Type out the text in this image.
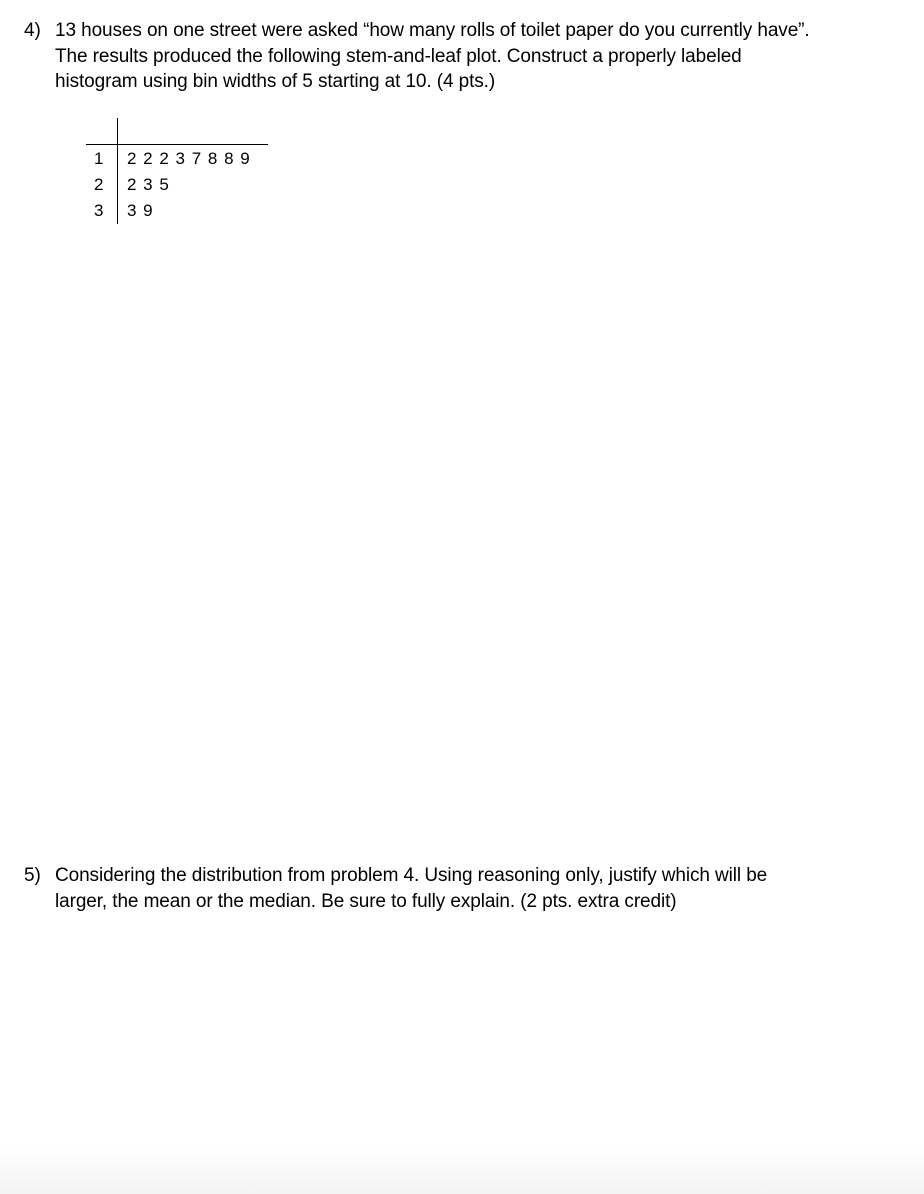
4) 13 houses on one street were asked “how many rolls of toilet paper do you currently have”.
The results produced the following stem-and-leaf plot. Construct a properly labeled
histogram using bin widths of 5 starting at 10. (4 pts.)
1	2 2 2 3 7 8 8 9
2	2 3 5
3	3 9
5) Considering the distribution from problem 4. Using reasoning only, justify which will be
larger, the mean or the median. Be sure to fully explain. (2 pts. extra credit)
